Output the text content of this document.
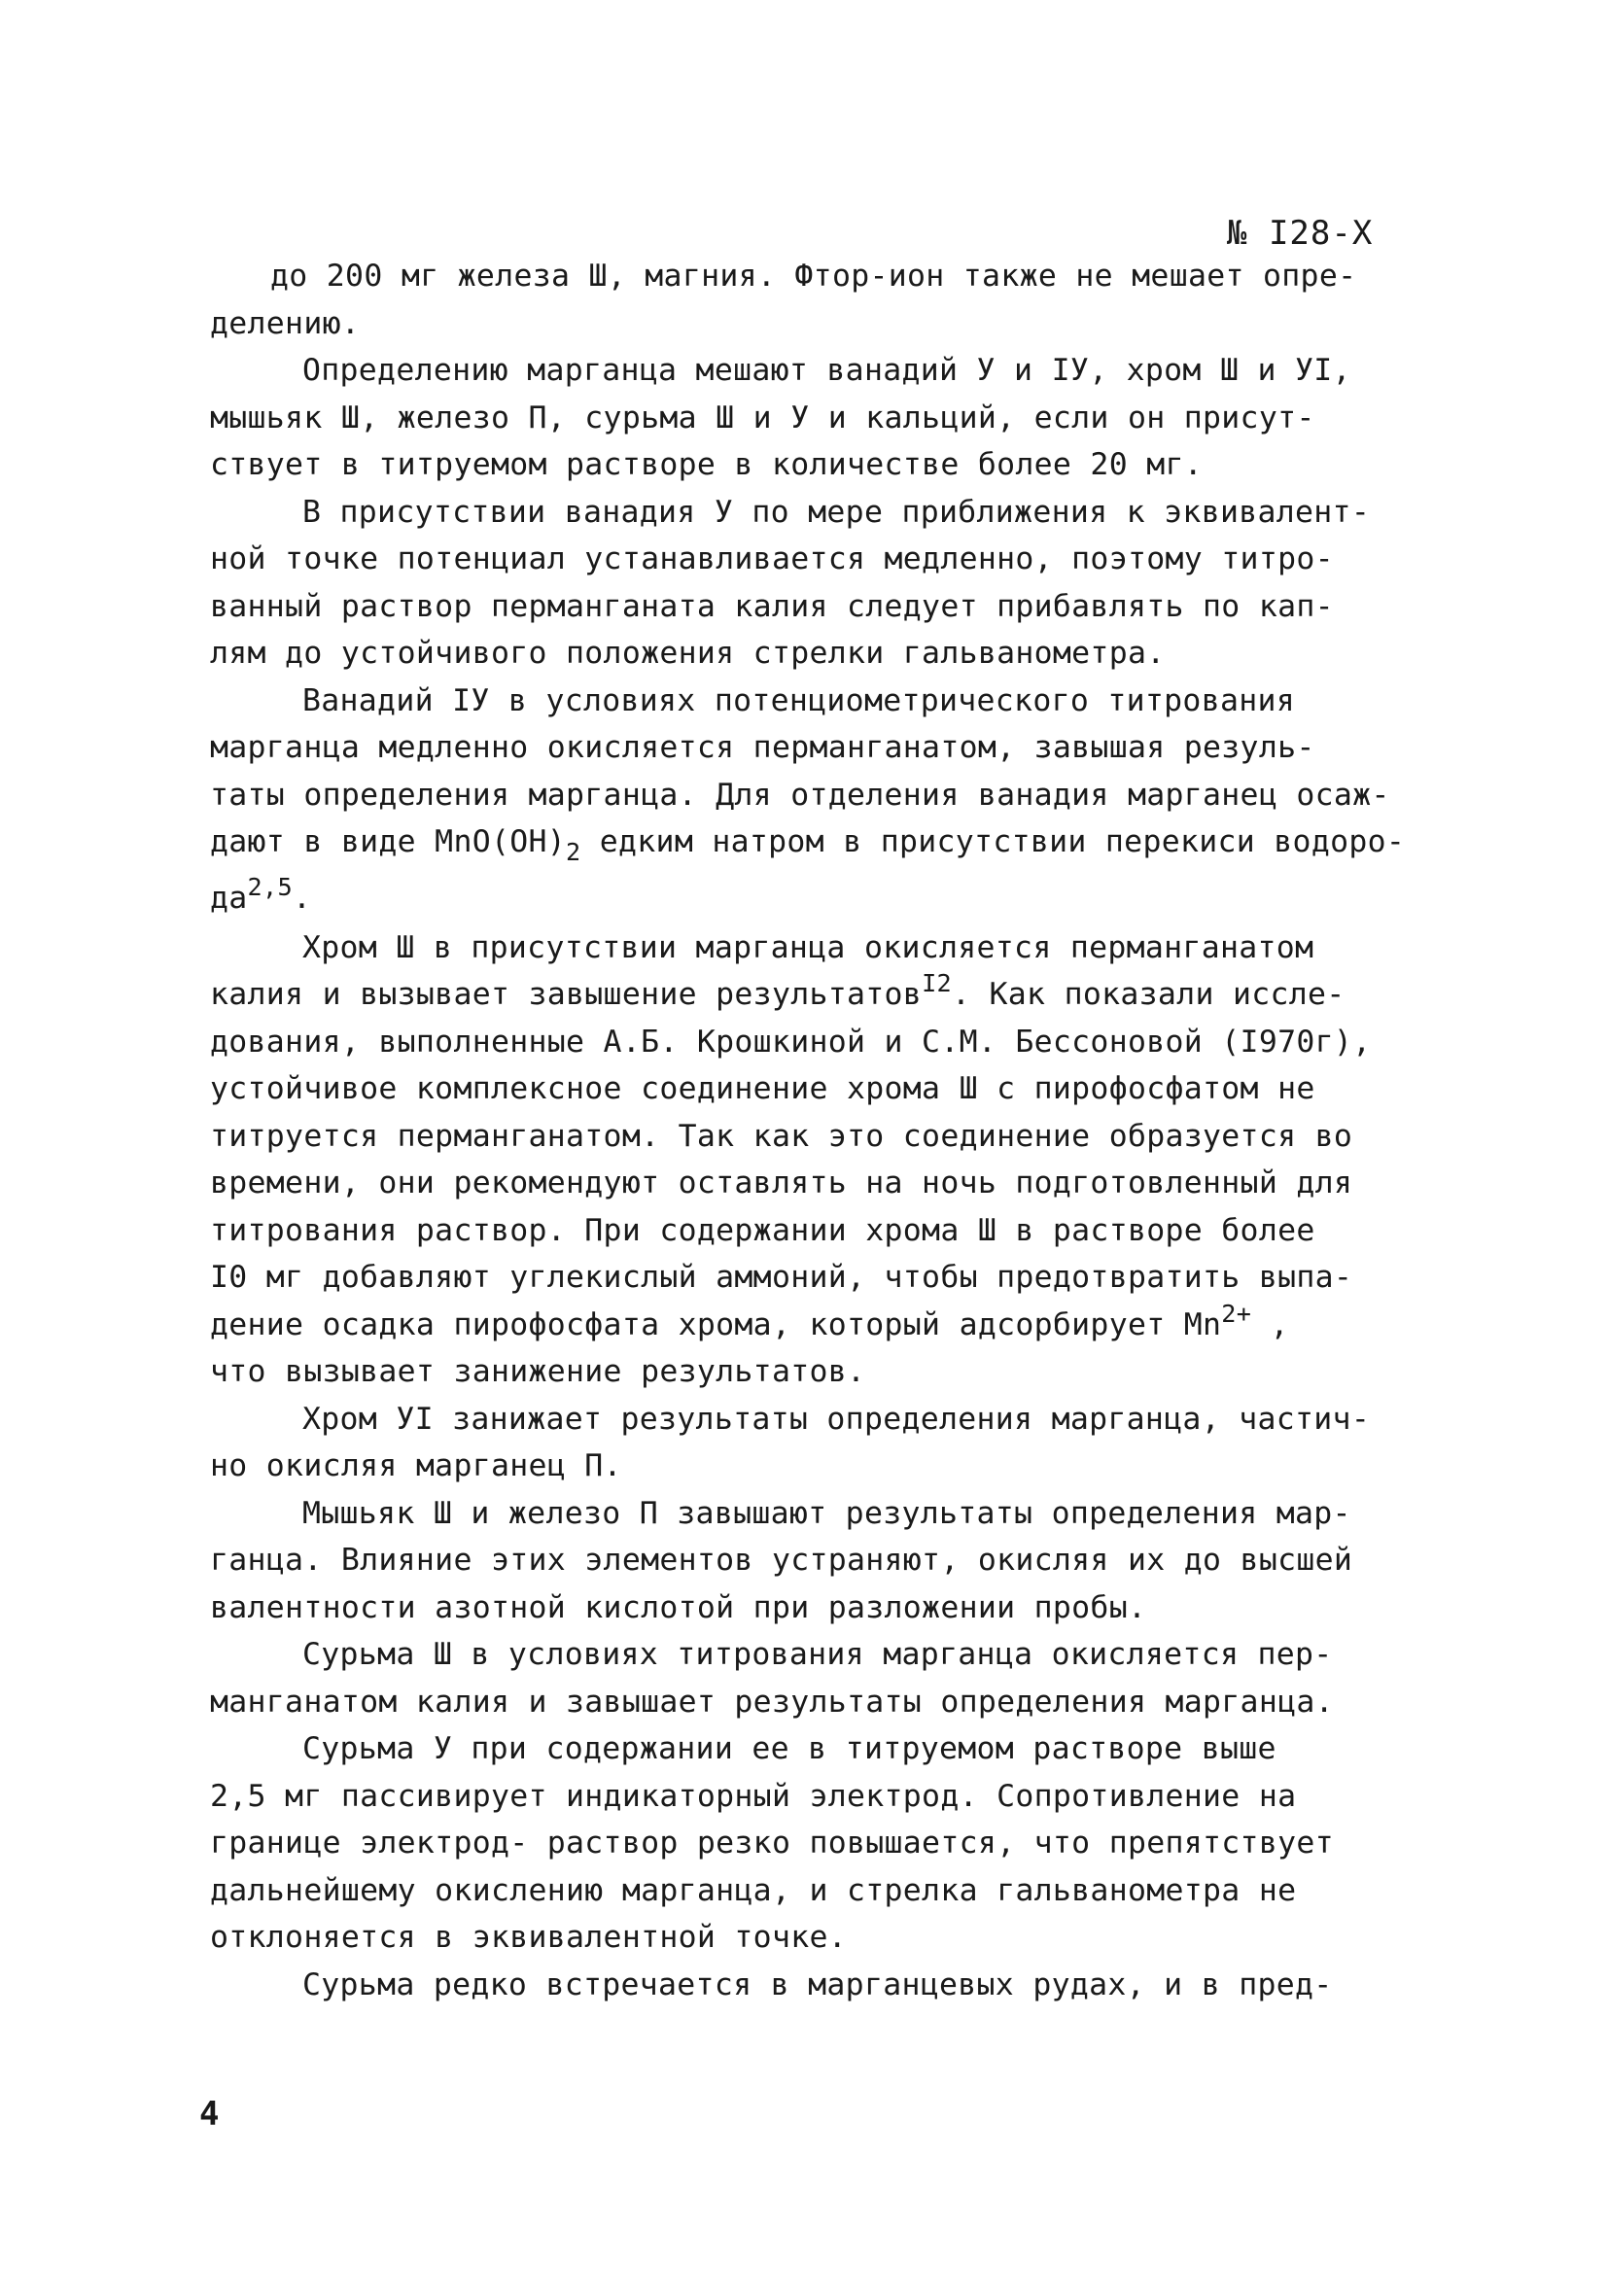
№ I28-Х
до 200 мг железа Ш, магния. Фтор-ион также не мешает опре-
делению.
Определению марганца мешают ванадий У и IУ, хром Ш и УI,
мышьяк Ш, железо П, сурьма Ш и У и кальций, если он присут-
ствует в титруемом растворе в количестве более 20 мг.
В присутствии ванадия У по мере приближения к эквивалент-
ной точке потенциал устанавливается медленно, поэтому титро-
ванный раствор перманганата калия следует прибавлять по кап-
лям до устойчивого положения стрелки гальванометра.
Ванадий IУ в условиях потенциометрического титрования
марганца медленно окисляется перманганатом, завышая резуль-
таты определения марганца. Для отделения ванадия марганец осаж-
дают в виде $MnO(OH)_2$ едким натром в присутствии перекиси водоро-
да$^{2,5}$.
Хром Ш в присутствии марганца окисляется перманганатом
калия и вызывает завышение результатов$^{I2}$. Как показали иссле-
дования, выполненные А.Б. Крошкиной и С.М. Бессоновой (I970г),
устойчивое комплексное соединение хрома Ш с пирофосфатом не
титруется перманганатом. Так как это соединение образуется во
времени, они рекомендуют оставлять на ночь подготовленный для
титрования раствор. При содержании хрома Ш в растворе более
I0 мг добавляют углекислый аммоний, чтобы предотвратить выпа-
дение осадка пирофосфата хрома, который адсорбирует $Mn^{2+}$ ,
что вызывает занижение результатов.
Хром УI занижает результаты определения марганца, частич-
но окисляя марганец П.
Мышьяк Ш и железо П завышают результаты определения мар-
ганца. Влияние этих элементов устраняют, окисляя их до высшей
валентности азотной кислотой при разложении пробы.
Сурьма Ш в условиях титрования марганца окисляется пер-
манганатом калия и завышает результаты определения марганца.
Сурьма У при содержании ее в титруемом растворе выше
2,5 мг пассивирует индикаторный электрод. Сопротивление на
границе электрод- раствор резко повышается, что препятствует
дальнейшему окислению марганца, и стрелка гальванометра не
отклоняется в эквивалентной точке.
Сурьма редко встречается в марганцевых рудах, и в пред-
4
